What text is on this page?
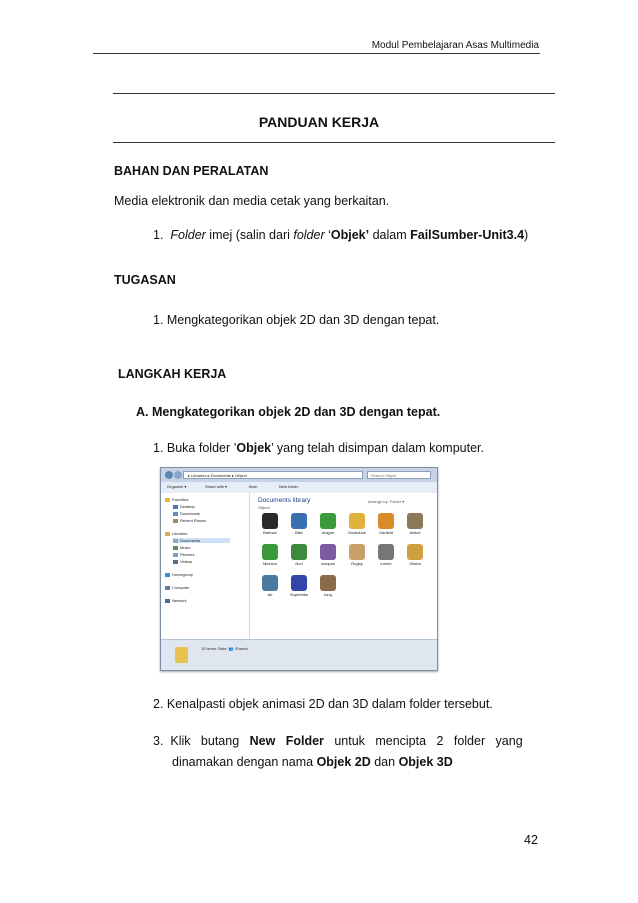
Modul Pembelajaran Asas Multimedia
PANDUAN KERJA
BAHAN DAN PERALATAN
Media elektronik dan media cetak yang berkaitan.
1. Folder imej (salin dari folder ‘Objek’ dalam FailSumber-Unit3.4)
TUGASAN
1. Mengkategorikan objek 2D dan 3D dengan tepat.
LANGKAH KERJA
A. Mengkategorikan objek 2D dan 3D dengan tepat.
1. Buka folder ’Objek’ yang telah disimpan dalam komputer.
▸ Libraries ▸ Documents ▸ Object	Search Object
Organize ▾	Share with ▾	Burn	New folder
Favorites
Desktop
Downloads
Recent Places
Libraries
Documents
Music
Pictures
Videos
Homegroup
Computer
Network
Documents library
Object
Arrange by: Folder ▾
Batman	Bike	dragon	Duckduck	Garfield	Ikebot
Minnion	Nuri	octopus	Rugby	runner	Simba
ski	Superbike	tong
15 items State: 👥 Shared
2. Kenalpasti objek animasi 2D dan 3D dalam folder tersebut.
3.  Klik   butang   New   Folder   untuk   mencipta   2   folder   yang
dinamakan dengan nama Objek 2D dan Objek 3D
42
